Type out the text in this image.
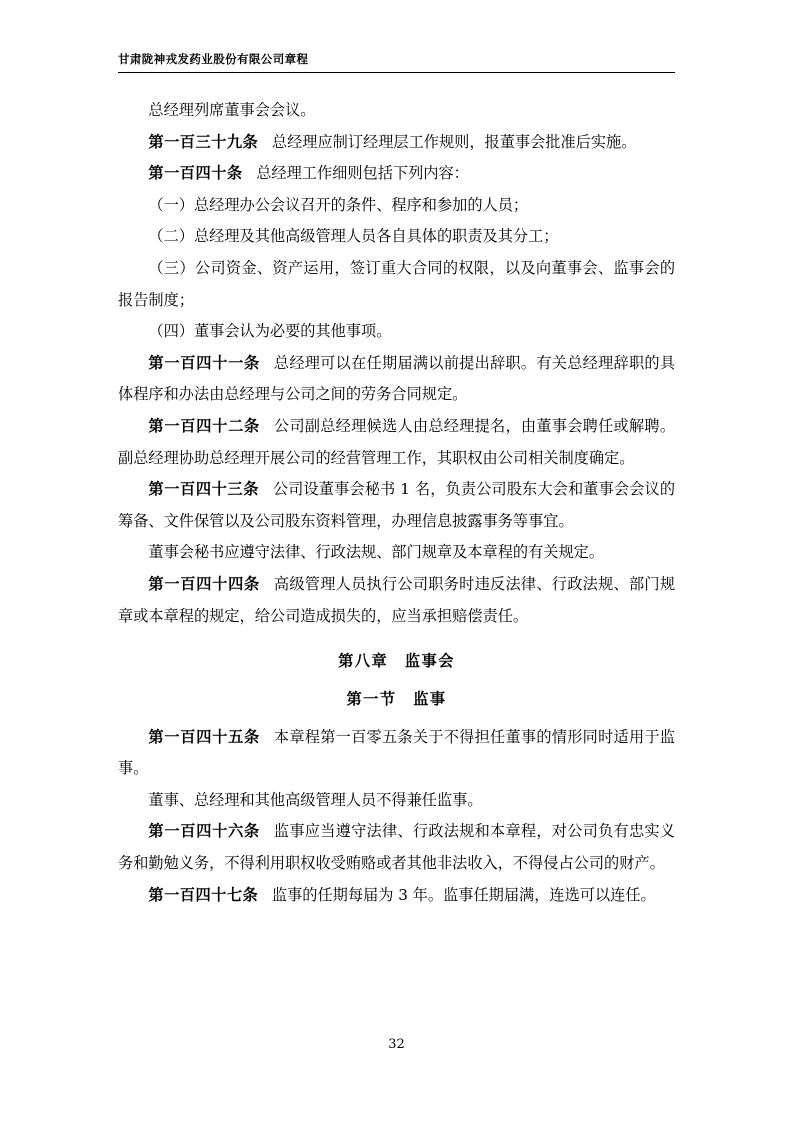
甘肃陇神戎发药业股份有限公司章程

总经理列席董事会会议。

第一百三十九条 总经理应制订经理层工作规则，报董事会批准后实施。

第一百四十条 总经理工作细则包括下列内容：

（一）总经理办公会议召开的条件、程序和参加的人员；

（二）总经理及其他高级管理人员各自具体的职责及其分工；

（三）公司资金、资产运用，签订重大合同的权限，以及向董事会、监事会的报告制度；

（四）董事会认为必要的其他事项。

第一百四十一条 总经理可以在任期届满以前提出辞职。有关总经理辞职的具体程序和办法由总经理与公司之间的劳务合同规定。

第一百四十二条 公司副总经理候选人由总经理提名，由董事会聘任或解聘。副总经理协助总经理开展公司的经营管理工作，其职权由公司相关制度确定。

第一百四十三条 公司设董事会秘书 1 名，负责公司股东大会和董事会会议的筹备、文件保管以及公司股东资料管理，办理信息披露事务等事宜。

董事会秘书应遵守法律、行政法规、部门规章及本章程的有关规定。

第一百四十四条 高级管理人员执行公司职务时违反法律、行政法规、部门规章或本章程的规定，给公司造成损失的，应当承担赔偿责任。

第八章　监事会

第一节　监事

第一百四十五条 本章程第一百零五条关于不得担任董事的情形同时适用于监事。

董事、总经理和其他高级管理人员不得兼任监事。

第一百四十六条 监事应当遵守法律、行政法规和本章程，对公司负有忠实义务和勤勉义务，不得利用职权收受贿赂或者其他非法收入，不得侵占公司的财产。

第一百四十七条 监事的任期每届为 3 年。监事任期届满，连选可以连任。

32
